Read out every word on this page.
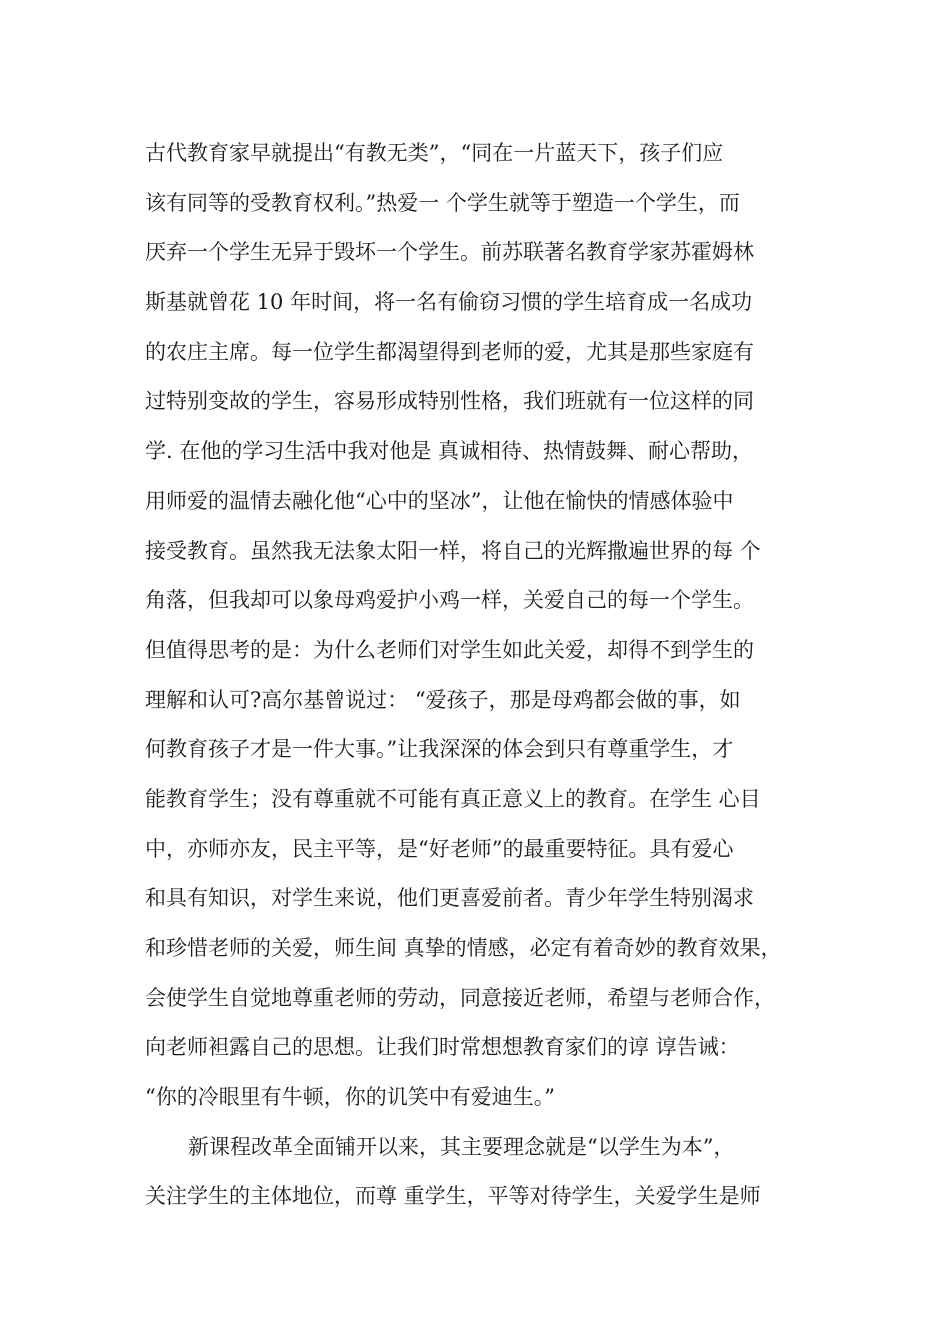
古代教育家早就提出“有教无类”，“同在一片蓝天下，孩子们应
该有同等的受教育权利。”热爱一 个学生就等于塑造一个学生，而
厌弃一个学生无异于毁坏一个学生。前苏联著名教育学家苏霍姆林
斯基就曾花 10 年时间，将一名有偷窃习惯的学生培育成一名成功
的农庄主席。每一位学生都渴望得到老师的爱，尤其是那些家庭有
过特别变故的学生，容易形成特别性格，我们班就有一位这样的同
学. 在他的学习生活中我对他是 真诚相待、热情鼓舞、耐心帮助，
用师爱的温情去融化他“心中的坚冰”，让他在愉快的情感体验中
接受教育。虽然我无法象太阳一样，将自己的光辉撒遍世界的每 个
角落，但我却可以象母鸡爱护小鸡一样，关爱自己的每一个学生。
但值得思考的是：为什么老师们对学生如此关爱，却得不到学生的
理解和认可?高尔基曾说过： “爱孩子，那是母鸡都会做的事，如
何教育孩子才是一件大事。”让我深深的体会到只有尊重学生，才
能教育学生；没有尊重就不可能有真正意义上的教育。在学生 心目
中，亦师亦友，民主平等，是“好老师”的最重要特征。具有爱心
和具有知识，对学生来说，他们更喜爱前者。青少年学生特别渴求
和珍惜老师的关爱，师生间 真挚的情感，必定有着奇妙的教育效果，
会使学生自觉地尊重老师的劳动，同意接近老师，希望与老师合作，
向老师袒露自己的思想。让我们时常想想教育家们的谆 谆告诫：
“你的冷眼里有牛顿，你的讥笑中有爱迪生。”
新课程改革全面铺开以来，其主要理念就是“以学生为本”，
关注学生的主体地位，而尊 重学生，平等对待学生，关爱学生是师
